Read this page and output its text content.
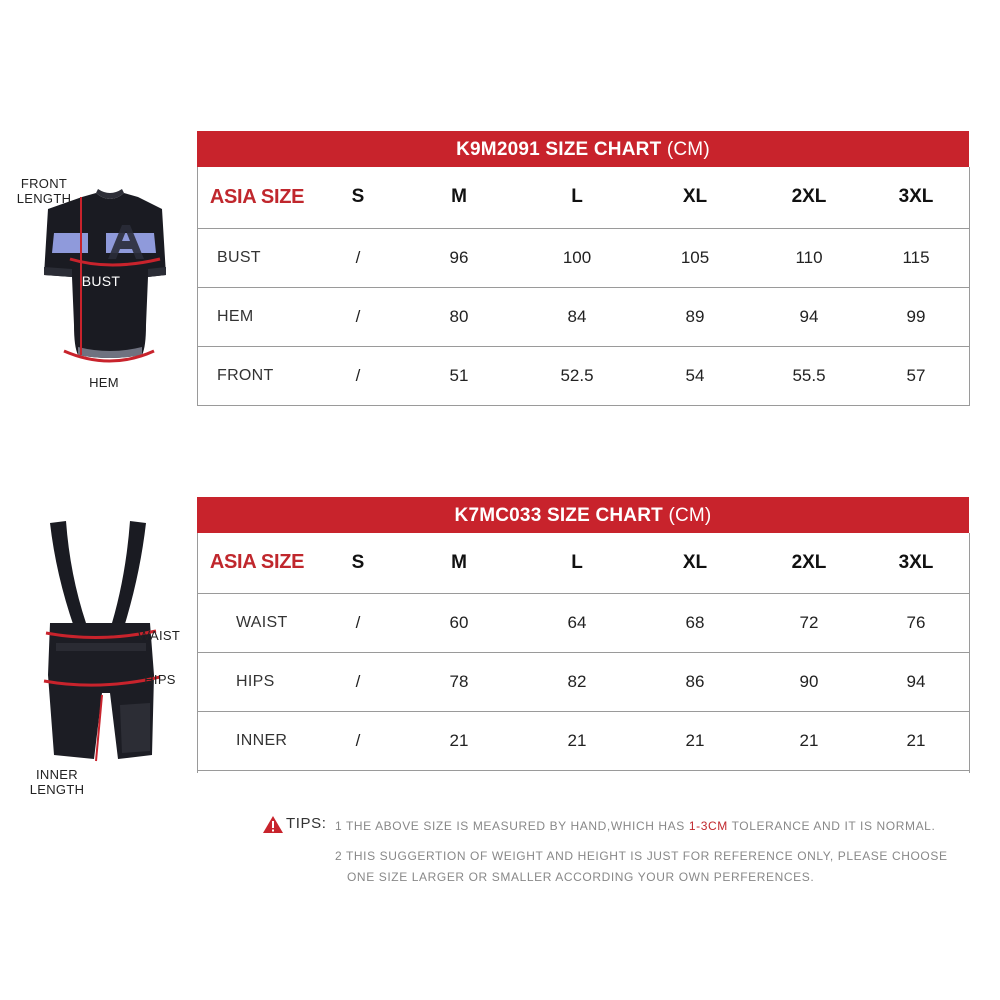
FRONT LENGTH
BUST
HEM
K9M2091 SIZE CHART (CM)
ASIA SIZE	S	M	L	XL	2XL	3XL
BUST	/	96	100	105	110	115
HEM	/	80	84	89	94	99
FRONT	/	51	52.5	54	55.5	57
WAIST
HIPS
INNER LENGTH
K7MC033 SIZE CHART (CM)
ASIA SIZE	S	M	L	XL	2XL	3XL
WAIST	/	60	64	68	72	76
HIPS	/	78	82	86	90	94
INNER	/	21	21	21	21	21
TIPS: 1 THE ABOVE SIZE IS MEASURED BY HAND,WHICH HAS 1-3CM TOLERANCE AND IT IS NORMAL.
2 THIS SUGGERTION OF WEIGHT AND HEIGHT IS JUST FOR REFERENCE ONLY, PLEASE CHOOSE
ONE SIZE LARGER OR SMALLER ACCORDING YOUR OWN PERFERENCES.
